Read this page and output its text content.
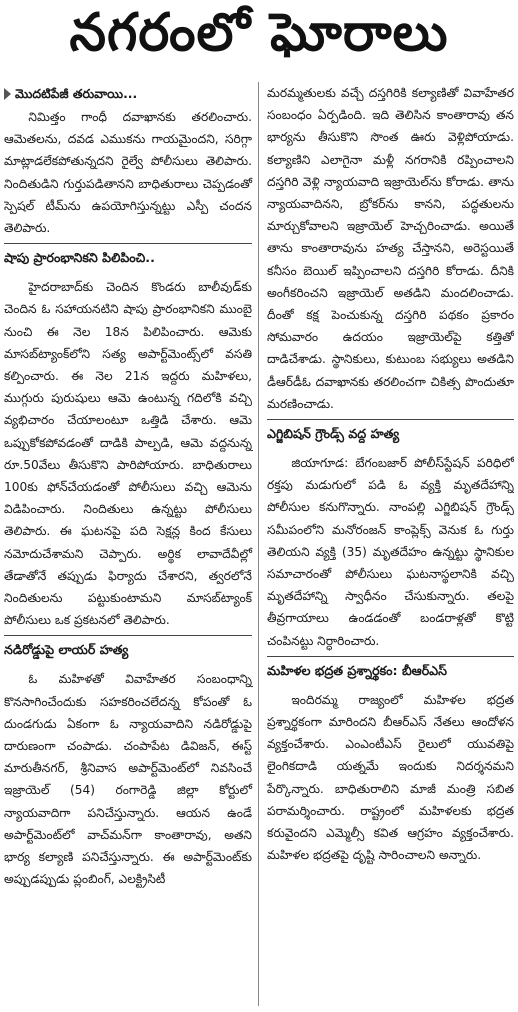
నగరంలో ఘోరాలు
మొదటిపేజీ తరువాయి...

నిమిత్తం గాంధీ దవాఖానకు తరలించారు. ఆమెతలను, దవడ ఎముకను గాయమైందని, సరిగ్గా మాట్లాడలేకపోతున్నదని రైల్వే పోలీసులు తెలిపారు. నిందితుడిని గుర్తుపడితానని బాధితురాలు చెప్పడంతో స్పెషల్ టీమ్‌ను ఉపయోగిస్తున్నట్టు ఎస్పీ చందన తెలిపారు.

షాపు ప్రారంభానికని పిలిపించి..

హైదరాబాద్‌కు చెందిన కొండరు బాలీవుడ్‌కు చెందిన ఓ సహాయనటిని షాపు ప్రారంభానికని ముంబై నుంచి ఈ నెల 18న పిలిపించారు. ఆమెకు మాసబ్‌ట్యాంక్‌లోని సత్య అపార్ట్‌మెంట్స్‌లో వసతి కల్పించారు. ఈ నెల 21న ఇద్దరు మహిళలు, ముగ్గురు పురుషులు ఆమె ఉంటున్న గదిలోకి వచ్చి వ్యభిచారం చేయాలంటూ ఒత్తిడి చేశారు. ఆమె ఒప్పుకోకపోవడంతో దాడికి పాల్పడి, ఆమె వద్దనున్న రూ.50వేలు తీసుకొని పారిపోయారు. బాధితురాలు 100కు ఫోన్‌చేయడంతో పోలీసులు వచ్చి ఆమెను విడిపించారు. నిందితులు ఉన్నట్టు పోలీసులు తెలిపారు. ఈ ఘటనపై పది సెక్షన్ల కింద కేసులు నమోదుచేశామని చెప్పారు. అర్థిక లావాదేవీల్లో తేడాతోనే తప్పుడు ఫిర్యాదు చేశారని, త్వరలోనే నిందితులను పట్టుకుంటామని మాసబ్‌ట్యాంక్ పోలీసులు ఒక ప్రకటనలో తెలిపారు.

నడిరోడ్డుపై లాయర్ హత్య

ఓ మహిళతో వివాహేతర సంబంధాన్ని కొనసాగించేందుకు సహకరించలేదన్న కోపంతో ఓ దుండగుడు ఏకంగా ఓ న్యాయవాదిని నడిరోడ్డుపై దారుణంగా చంపాడు. చంపాపేట డివిజన్, ఈస్ట్ మారుతీనగర్, శ్రీనివాస అపార్ట్‌మెంట్‌లో నివసించే ఇజ్రాయెల్ (54) రంగారెడ్డి జిల్లా కోర్టులో న్యాయవాదిగా పనిచేస్తున్నారు. ఆయన ఉండే అపార్ట్‌మెంట్‌లో వాచ్‌మన్‌గా కాంతారావు, అతని భార్య కల్యాణి పనిచేస్తున్నారు. ఈ అపార్ట్‌మెంట్‌కు అప్పుడప్పుడు ప్లంబింగ్, ఎలక్ట్రిసిటీ

మరమ్మతులకు వచ్చే దస్తగిరికి కల్యాణితో వివాహేతర సంబంధం ఏర్పడింది. ఇది తెలిసిన కాంతారావు తన భార్యను తీసుకొని సొంత ఊరు వెళ్లిపోయాడు. కల్యాణిని ఎలాగైనా మళ్లీ నగరానికి రప్పించాలని దస్తగిరి వెళ్లి న్యాయవాది ఇజ్రాయెల్‌ను కోరాడు. తాను న్యాయవాదినని, బ్రోకర్‌ను కానని, పద్ధతులను మార్చుకోవాలని ఇజ్రాయెల్ హెచ్చరించాడు. అయితే తాను కాంతారావును హత్య చేస్తానని, అరెస్టయితే కనీసం బెయిల్ ఇప్పించాలని దస్తగిరి కోరాడు. దీనికి అంగీకరించని ఇజ్రాయెల్ అతడిని మందలించాడు. దీంతో కక్ష పెంచుకున్న దస్తగిరి పథకం ప్రకారం సోమవారం ఉదయం ఇజ్రాయెల్‌పై కత్తితో దాడిచేశాడు. స్థానికులు, కుటుంబ సభ్యులు అతడిని డీఆర్‌డీఓ దవాఖానకు తరలించగా చికిత్స పొందుతూ మరణించాడు.

ఎగ్జిబిషన్ గ్రౌండ్స్ వద్ద హత్య

జియాగూడ: బేగంబజార్ పోలీస్‌స్టేషన్ పరిధిలో రక్తపు మడుగులో పడి ఓ వ్యక్తి మృతదేహాన్ని పోలీసుల కనుగొన్నారు. నాంపల్లి ఎగ్జిబిషన్ గ్రౌండ్స్ సమీపంలోని మనోరంజన్ కాంప్లెక్స్ వెనుక ఓ గుర్తు తెలియని వ్యక్తి (35) మృతదేహం ఉన్నట్టు స్థానికుల సమాచారంతో పోలీసులు ఘటనాస్థలానికి వచ్చి మృతదేహాన్ని స్వాధీనం చేసుకున్నారు. తలపై తీవ్రగాయాలు ఉండడంతో బండరాళ్లతో కొట్టి చంపినట్టు నిర్ధారించారు.

మహిళల భద్రత ప్రశ్నార్థకం: బీఆర్ఎస్

ఇందిరమ్మ రాజ్యంలో మహిళల భద్రత ప్రశ్నార్థకంగా మారిందని బీఆర్ఎస్ నేతలు ఆందోళన వ్యక్తంచేశారు. ఎంఎంటీఎస్ రైలులో యువతిపై లైంగికదాడి యత్నమే ఇందుకు నిదర్శనమని పేర్కొన్నారు. బాధితురాలిని మాజీ మంత్రి సబిత పరామర్శించారు. రాష్ట్రంలో మహిళలకు భద్రత కరువైందని ఎమ్మెల్సీ కవిత ఆగ్రహం వ్యక్తంచేశారు. మహిళల భద్రతపై దృష్టి సారించాలని అన్నారు.
